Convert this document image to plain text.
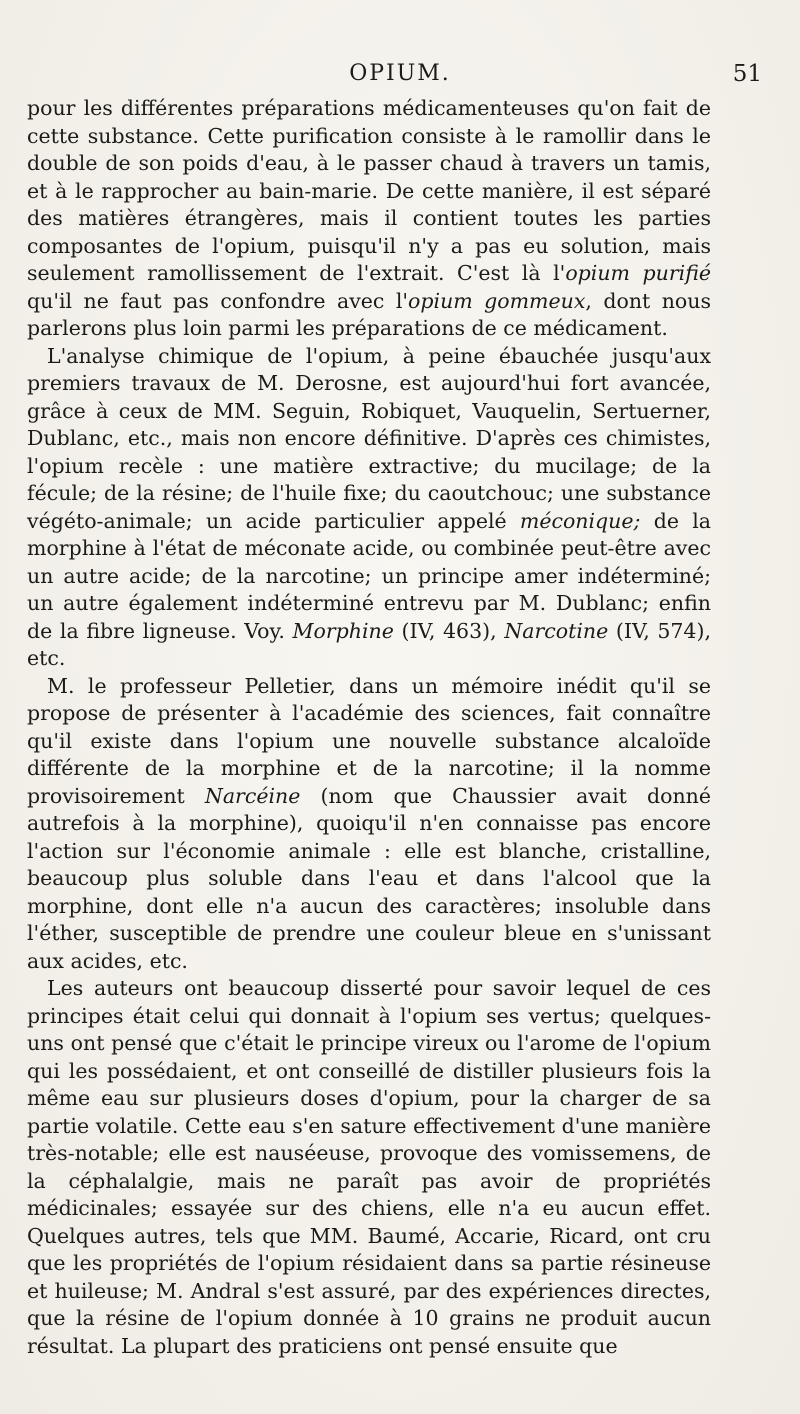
OPIUM.	51

pour les différentes préparations médicamenteuses qu'on fait de cette substance. Cette purification consiste à le ramollir dans le double de son poids d'eau, à le passer chaud à travers un tamis, et à le rapprocher au bain-marie. De cette manière, il est séparé des matières étrangères, mais il contient toutes les parties composantes de l'opium, puisqu'il n'y a pas eu solution, mais seulement ramollissement de l'extrait. C'est là l'opium purifié qu'il ne faut pas confondre avec l'opium gommeux, dont nous parlerons plus loin parmi les préparations de ce médicament.

L'analyse chimique de l'opium, à peine ébauchée jusqu'aux premiers travaux de M. Derosne, est aujourd'hui fort avancée, grâce à ceux de MM. Seguin, Robiquet, Vauquelin, Sertuerner, Dublanc, etc., mais non encore définitive. D'après ces chimistes, l'opium recèle : une matière extractive; du mucilage; de la fécule; de la résine; de l'huile fixe; du caoutchouc; une substance végéto-animale; un acide particulier appelé méconique; de la morphine à l'état de méconate acide, ou combinée peut-être avec un autre acide; de la narcotine; un principe amer indéterminé; un autre également indéterminé entrevu par M. Dublanc; enfin de la fibre ligneuse. Voy. Morphine (IV, 463), Narcotine (IV, 574), etc.

M. le professeur Pelletier, dans un mémoire inédit qu'il se propose de présenter à l'académie des sciences, fait connaître qu'il existe dans l'opium une nouvelle substance alcaloïde différente de la morphine et de la narcotine; il la nomme provisoirement Narcéine (nom que Chaussier avait donné autrefois à la morphine), quoiqu'il n'en connaisse pas encore l'action sur l'économie animale : elle est blanche, cristalline, beaucoup plus soluble dans l'eau et dans l'alcool que la morphine, dont elle n'a aucun des caractères; insoluble dans l'éther, susceptible de prendre une couleur bleue en s'unissant aux acides, etc.

Les auteurs ont beaucoup disserté pour savoir lequel de ces principes était celui qui donnait à l'opium ses vertus; quelques-uns ont pensé que c'était le principe vireux ou l'arome de l'opium qui les possédaient, et ont conseillé de distiller plusieurs fois la même eau sur plusieurs doses d'opium, pour la charger de sa partie volatile. Cette eau s'en sature effectivement d'une manière très-notable; elle est nauséeuse, provoque des vomissemens, de la céphalalgie, mais ne paraît pas avoir de propriétés médicinales; essayée sur des chiens, elle n'a eu aucun effet. Quelques autres, tels que MM. Baumé, Accarie, Ricard, ont cru que les propriétés de l'opium résidaient dans sa partie résineuse et huileuse; M. Andral s'est assuré, par des expériences directes, que la résine de l'opium donnée à 10 grains ne produit aucun résultat. La plupart des praticiens ont pensé ensuite que
